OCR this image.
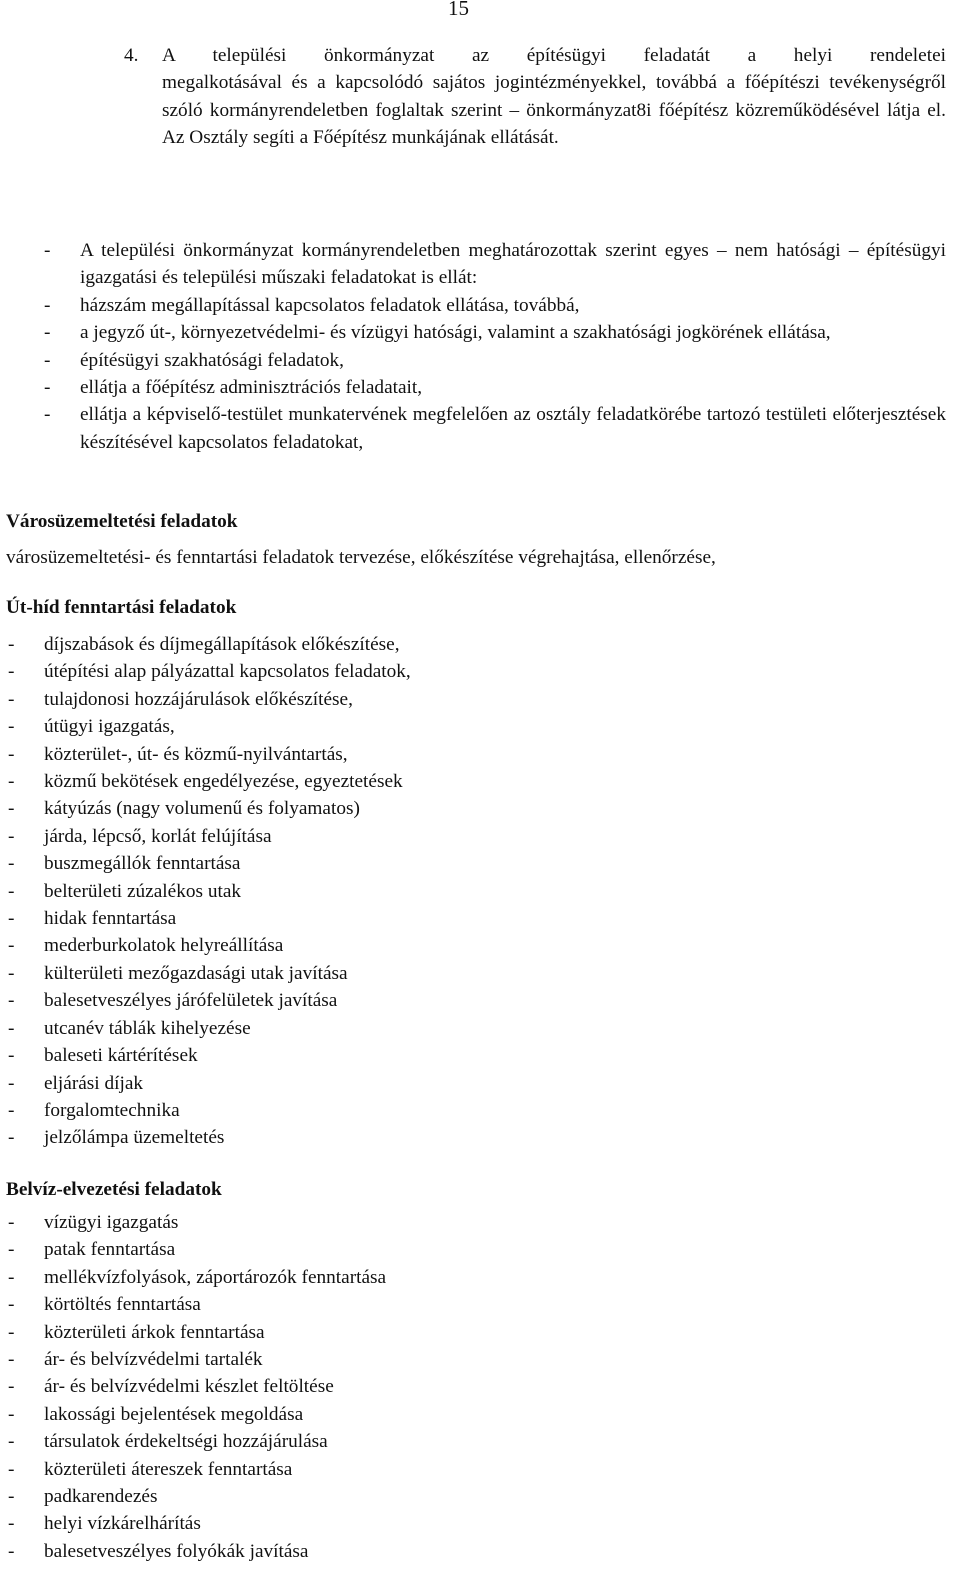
15
4.	A települési önkormányzat az építésügyi feladatát a helyi rendeletei
megalkotásával és a kapcsolódó sajátos jogintézményekkel, továbbá a főépítészi tevékenységről szóló kormányrendeletben foglaltak szerint – önkormányzat8i főépítész közreműködésével látja el. Az Osztály segíti a Főépítész munkájának ellátását.
-	A települési önkormányzat kormányrendeletben meghatározottak szerint egyes – nem hatósági – építésügyi igazgatási és települési műszaki feladatokat is ellát:
-	házszám megállapítással kapcsolatos feladatok ellátása, továbbá,
-	a jegyző út-, környezetvédelmi- és vízügyi hatósági, valamint a szakhatósági jogkörének ellátása,
-	építésügyi szakhatósági feladatok,
-	ellátja a főépítész adminisztrációs feladatait,
-	ellátja a képviselő-testület munkatervének megfelelően az osztály feladatkörébe tartozó testületi előterjesztések készítésével kapcsolatos feladatokat,
Városüzemeltetési feladatok
városüzemeltetési- és fenntartási feladatok tervezése, előkészítése végrehajtása, ellenőrzése,
Út-híd fenntartási feladatok
-	díjszabások és díjmegállapítások előkészítése,
-	útépítési alap pályázattal kapcsolatos feladatok,
-	tulajdonosi hozzájárulások előkészítése,
-	útügyi igazgatás,
-	közterület-, út- és közmű-nyilvántartás,
-	közmű bekötések engedélyezése, egyeztetések
-	kátyúzás (nagy volumenű és folyamatos)
-	járda, lépcső, korlát felújítása
-	buszmegállók fenntartása
-	belterületi zúzalékos utak
-	hidak fenntartása
-	mederburkolatok helyreállítása
-	külterületi mezőgazdasági utak javítása
-	balesetveszélyes járófelületek javítása
-	utcanév táblák kihelyezése
-	baleseti kártérítések
-	eljárási díjak
-	forgalomtechnika
-	jelzőlámpa üzemeltetés
Belvíz-elvezetési feladatok
-	vízügyi igazgatás
-	patak fenntartása
-	mellékvízfolyások, záportározók fenntartása
-	körtöltés fenntartása
-	közterületi árkok fenntartása
-	ár- és belvízvédelmi tartalék
-	ár- és belvízvédelmi készlet feltöltése
-	lakossági bejelentések megoldása
-	társulatok érdekeltségi hozzájárulása
-	közterületi átereszek fenntartása
-	padkarendezés
-	helyi vízkárelhárítás
-	balesetveszélyes folyókák javítása
